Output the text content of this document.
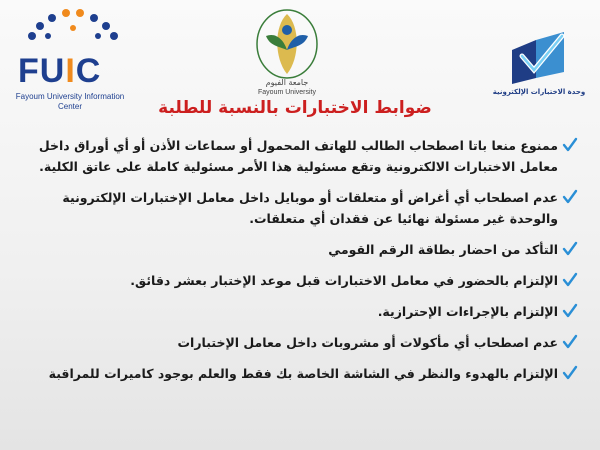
FUIC
Fayoum University Information Center
جامعة الفيوم
Fayoum University	وحدة الاختبارات الإلكترونية
ضوابط الاختبارات بالنسبة للطلبة
ممنوع منعا باتا اصطحاب الطالب للهاتف المحمول أو سماعات الأذن أو أي أوراق داخل معامل الاختبارات الالكترونية وتقع مسئولية هذا الأمر مسئولية كاملة على عاتق الكلية.
عدم اصطحاب أي أغراض أو متعلقات أو موبايل داخل معامل الإختبارات الإلكترونية والوحدة غير مسئولة نهائيا عن فقدان أي متعلقات.
التأكد من احضار بطاقة الرقم القومي
الإلتزام بالحضور في معامل الاختبارات قبل موعد الإختبار بعشر دقائق.
الإلتزام بالإجراءات الإحترازية.
عدم اصطحاب أي مأكولات أو مشروبات داخل معامل الإختبارات
الإلتزام بالهدوء والنظر في الشاشة الخاصة بك فقط والعلم بوجود كاميرات للمراقبة
